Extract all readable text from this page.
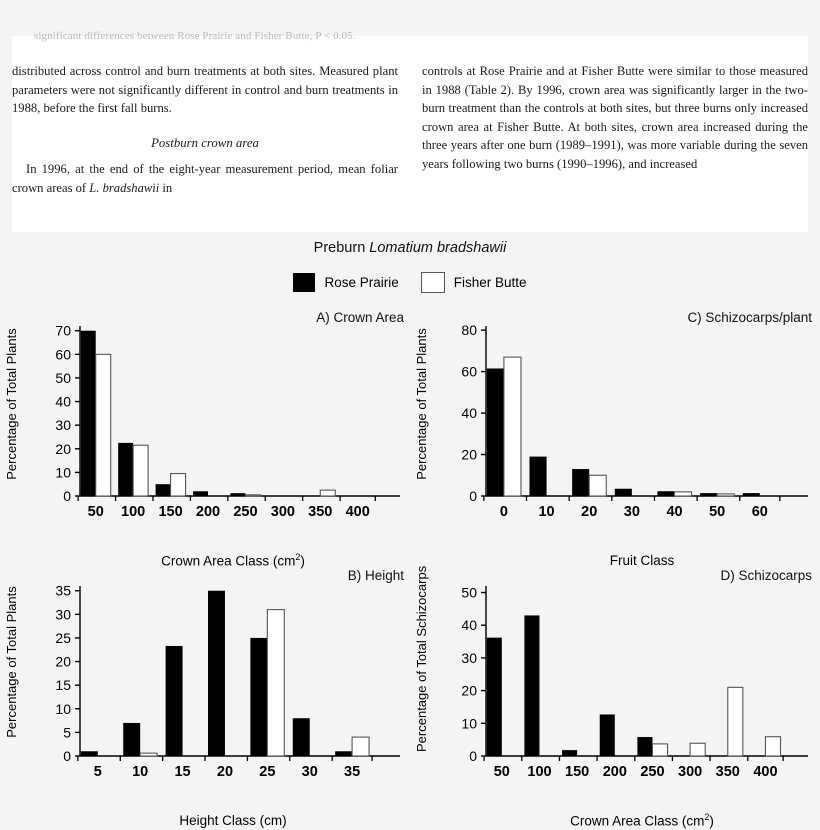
significant differences between Rose Prairie and Fisher Butte, P < 0.05.

distributed across control and burn treatments at both sites. Measured plant parameters were not significantly different in control and burn treatments in 1988, before the first fall burns.

Postburn crown area

In 1996, at the end of the eight-year measurement period, mean foliar crown areas of L. bradshawii in

controls at Rose Prairie and at Fisher Butte were similar to those measured in 1988 (Table 2). By 1996, crown area was significantly larger in the two-burn treatment than the controls at both sites, but three burns only increased crown area at Fisher Butte. At both sites, crown area increased during the three years after one burn (1989–1991), was more variable during the seven years following two burns (1990–1996), and increased

Preburn Lomatium bradshawii
Rose Prairie	Fisher Butte
A) Crown Area
Percentage of Total Plants
0
10
20
30
40
50
60
70
50 100 150 200 250 300 350 400
Crown Area Class $(cm^2)$
C) Schizocarps/plant
Percentage of Total Plants
0
20
40
60
80
0 10 20 30 40 50 60
Fruit Class
B) Height
Percentage of Total Plants
0
5
10
15
20
25
30
35
5 10 15 20 25 30 35
Height Class (cm)
D) Schizocarps
Percentage of Total Schizocarps
0
10
20
30
40
50
50 100 150 200 250 300 350 400
Crown Area Class $(cm^2)$
